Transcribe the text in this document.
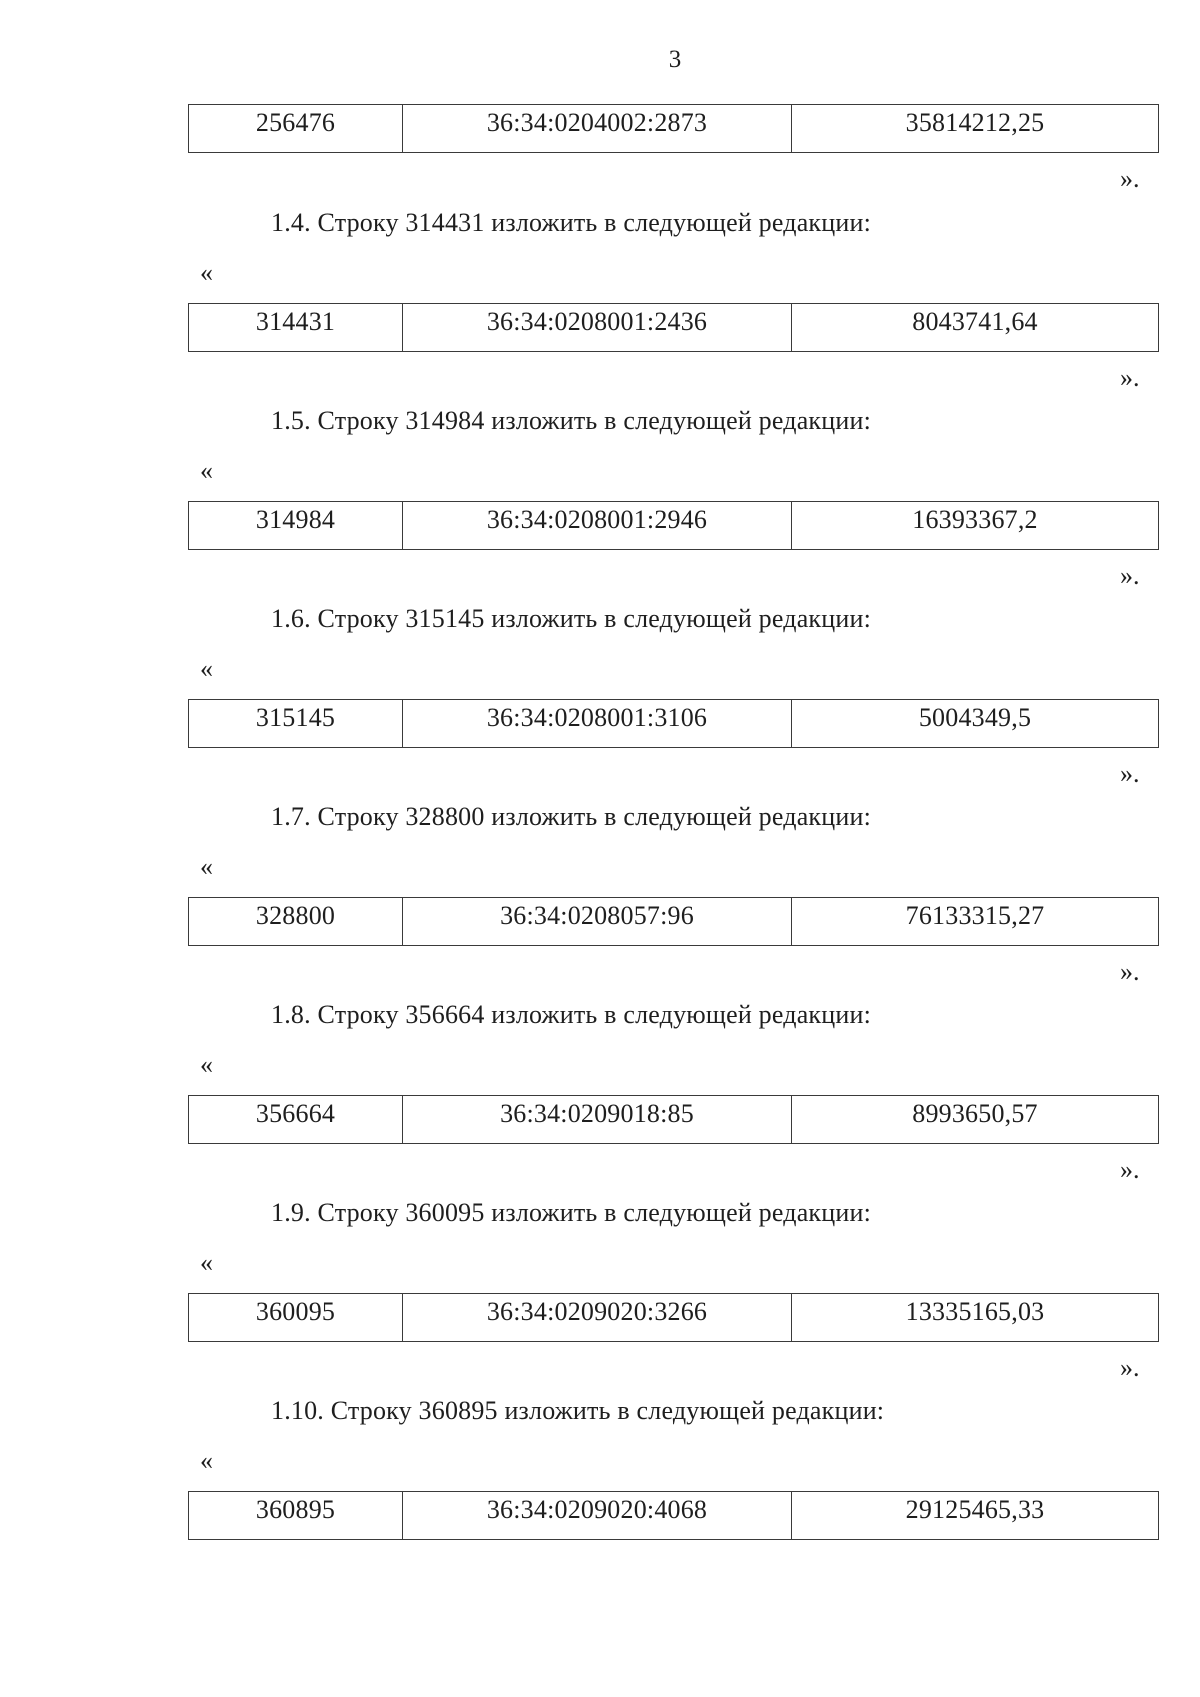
3
256476	36:34:0204002:2873	35814212,25
».
1.4. Строку 314431 изложить в следующей редакции:
«
314431	36:34:0208001:2436	8043741,64
».
1.5. Строку 314984 изложить в следующей редакции:
«
314984	36:34:0208001:2946	16393367,2
».
1.6. Строку 315145 изложить в следующей редакции:
«
315145	36:34:0208001:3106	5004349,5
».
1.7. Строку 328800 изложить в следующей редакции:
«
328800	36:34:0208057:96	76133315,27
».
1.8. Строку 356664 изложить в следующей редакции:
«
356664	36:34:0209018:85	8993650,57
».
1.9. Строку 360095 изложить в следующей редакции:
«
360095	36:34:0209020:3266	13335165,03
».
1.10. Строку 360895 изложить в следующей редакции:
«
360895	36:34:0209020:4068	29125465,33
